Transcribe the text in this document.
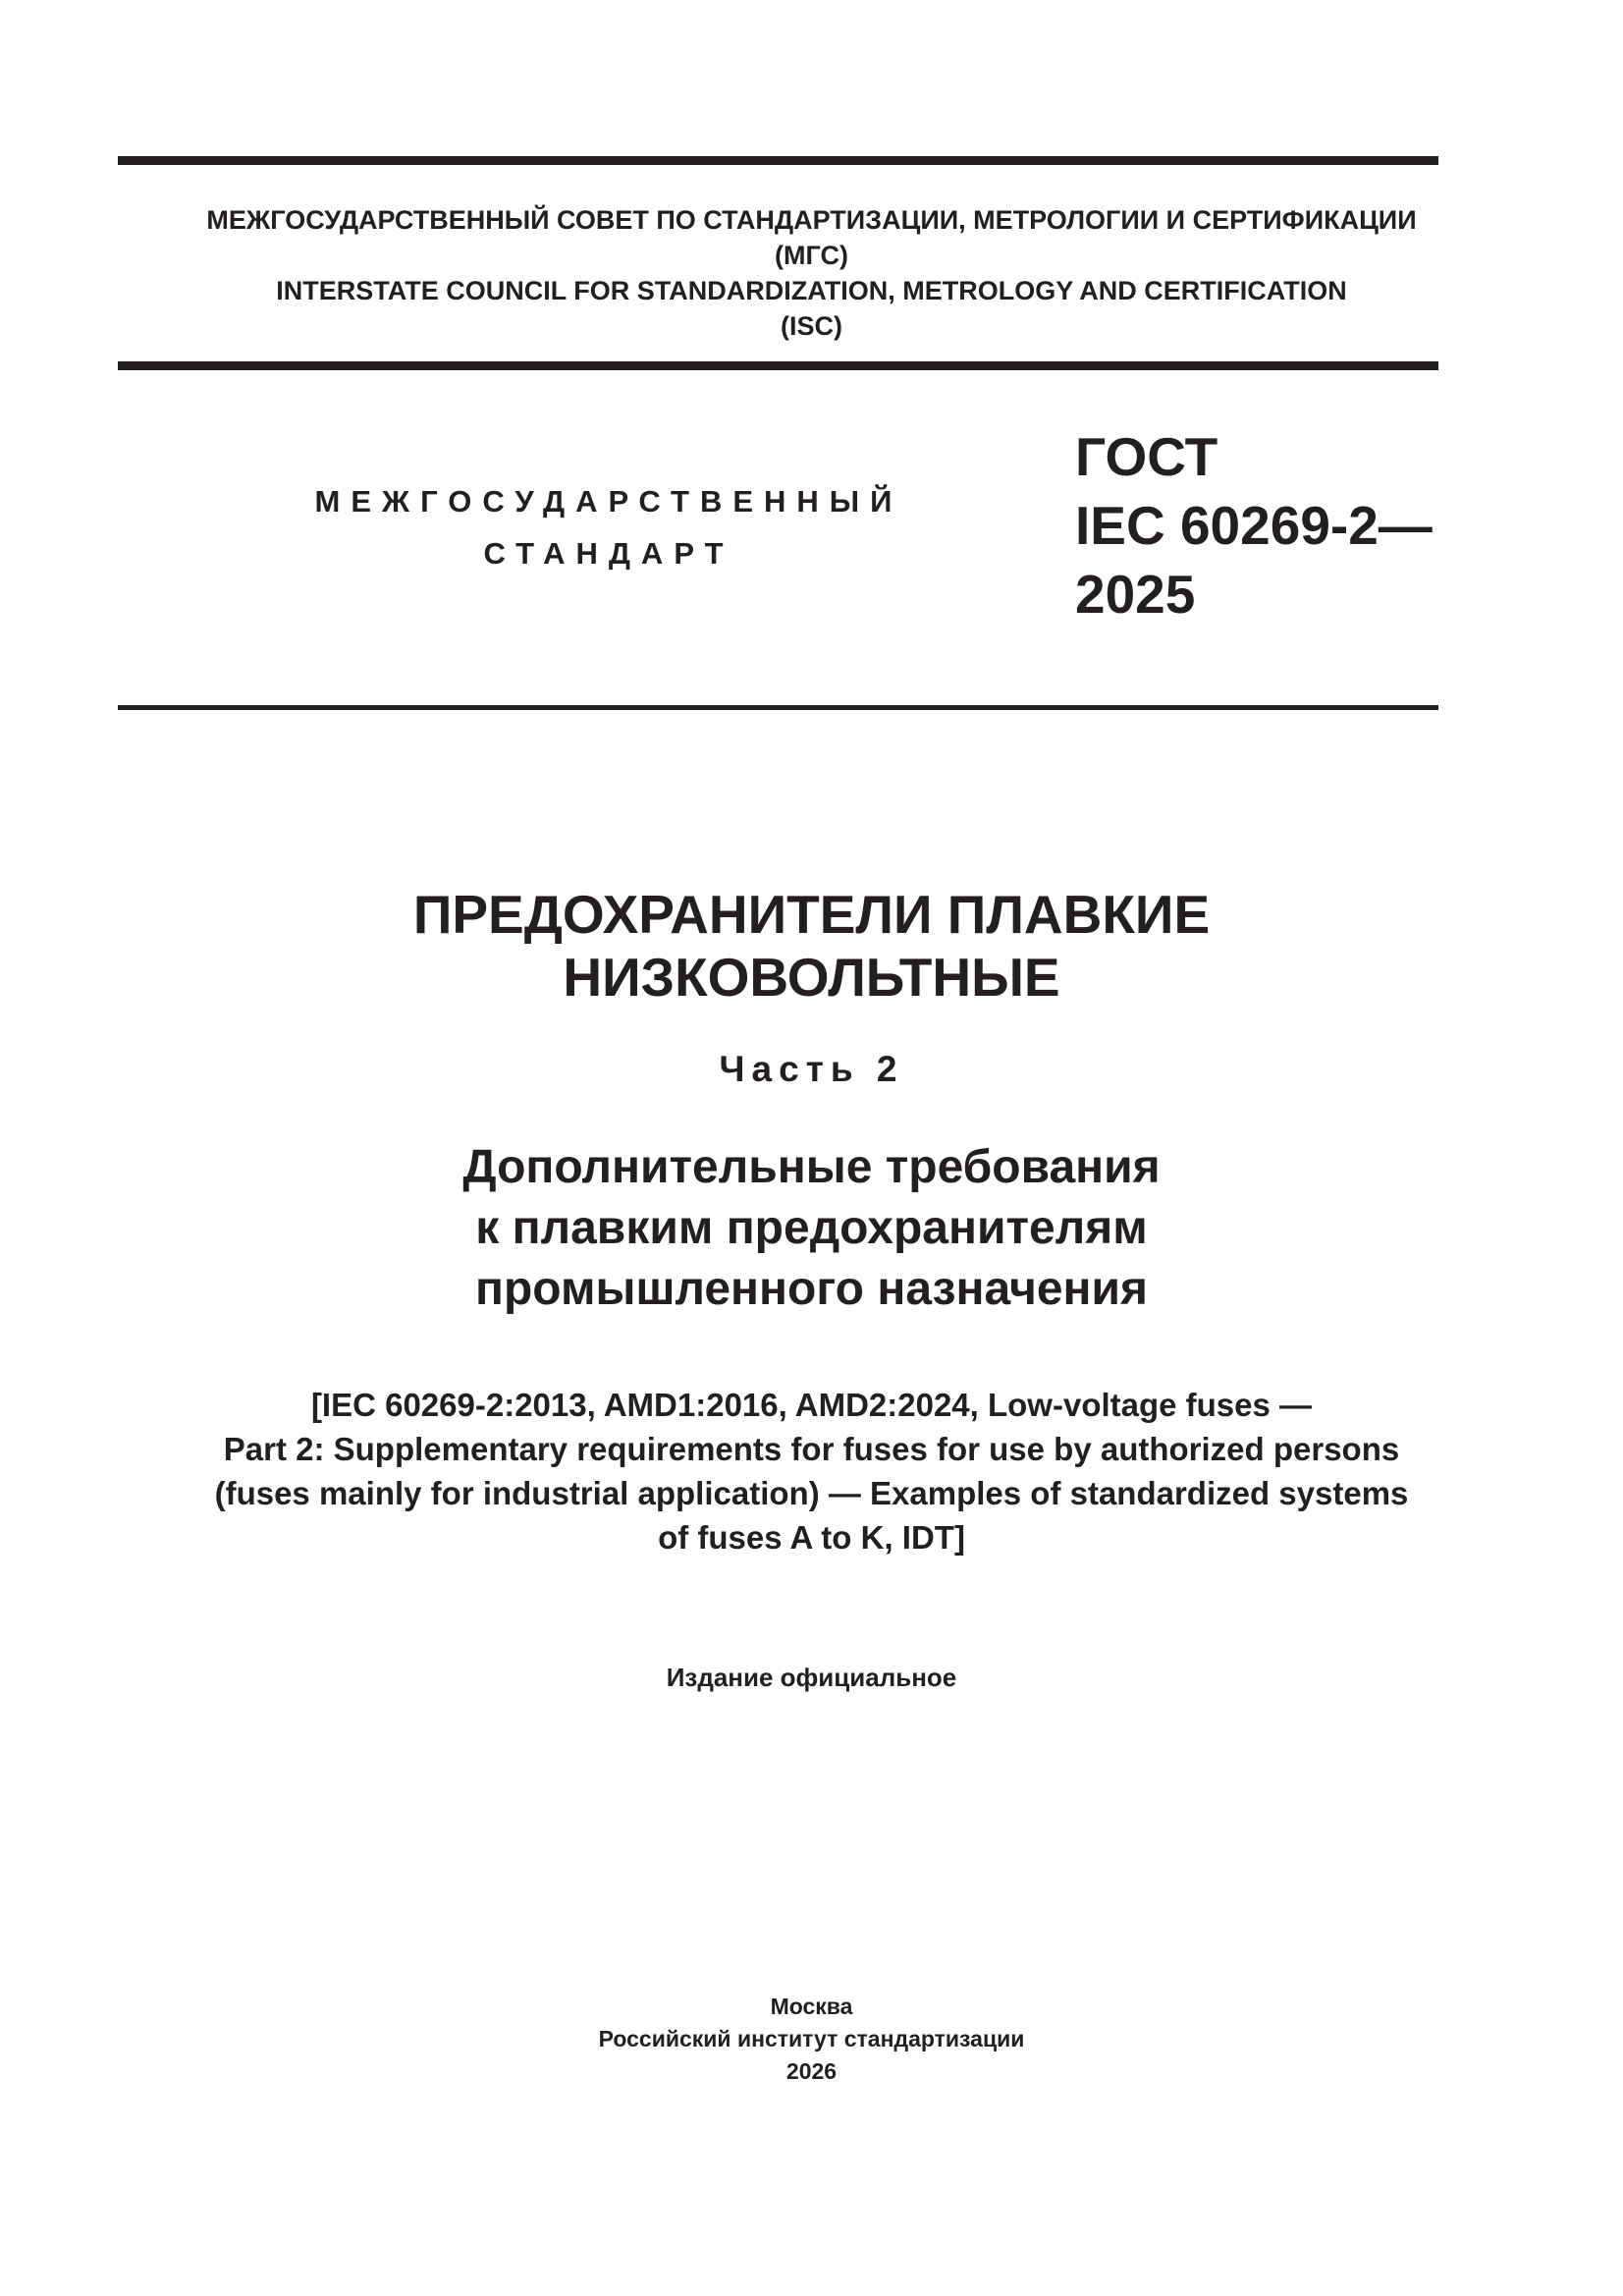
МЕЖГОСУДАРСТВЕННЫЙ СОВЕТ ПО СТАНДАРТИЗАЦИИ, МЕТРОЛОГИИ И СЕРТИФИКАЦИИ
(МГС)
INTERSTATE COUNCIL FOR STANDARDIZATION, METROLOGY AND CERTIFICATION
(ISC)
МЕЖГОСУДАРСТВЕННЫЙ
СТАНДАРТ
ГОСТ
IEC 60269-2—
2025
ПРЕДОХРАНИТЕЛИ ПЛАВКИЕ
НИЗКОВОЛЬТНЫЕ
Часть 2
Дополнительные требования
к плавким предохранителям
промышленного назначения
[IEC 60269-2:2013, AMD1:2016, AMD2:2024, Low-voltage fuses —
Part 2: Supplementary requirements for fuses for use by authorized persons
(fuses mainly for industrial application) — Examples of standardized systems
of fuses A to K, IDT]
Издание официальное
Москва
Российский институт стандартизации
2026
